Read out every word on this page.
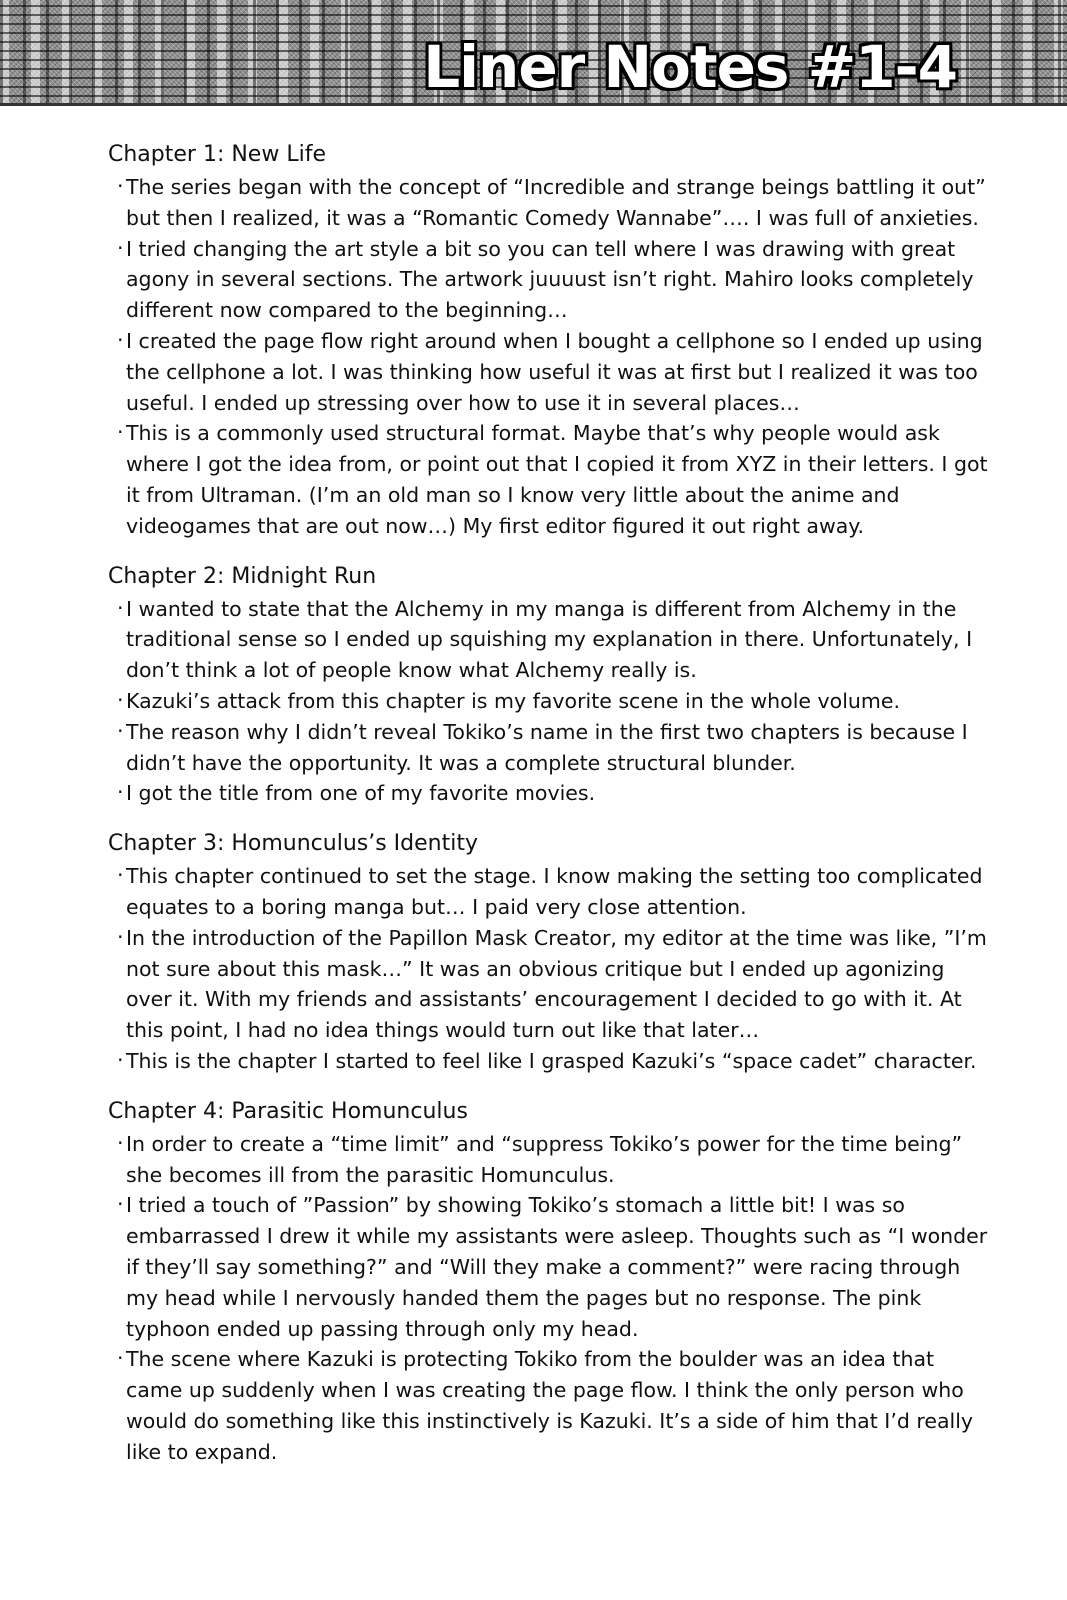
Liner Notes #1-4
Chapter 1: New Life
· The series began with the concept of “Incredible and strange beings battling it out” but then I realized, it was a “Romantic Comedy Wannabe”…. I was full of anxieties.
· I tried changing the art style a bit so you can tell where I was drawing with great agony in several sections. The artwork juuuust isn’t right. Mahiro looks completely different now compared to the beginning…
· I created the page flow right around when I bought a cellphone so I ended up using the cellphone a lot. I was thinking how useful it was at first but I realized it was too useful. I ended up stressing over how to use it in several places…
· This is a commonly used structural format. Maybe that’s why people would ask where I got the idea from, or point out that I copied it from XYZ in their letters. I got it from Ultraman. (I’m an old man so I know very little about the anime and videogames that are out now…) My first editor figured it out right away.
Chapter 2: Midnight Run
· I wanted to state that the Alchemy in my manga is different from Alchemy in the traditional sense so I ended up squishing my explanation in there. Unfortunately, I don’t think a lot of people know what Alchemy really is.
· Kazuki’s attack from this chapter is my favorite scene in the whole volume.
· The reason why I didn’t reveal Tokiko’s name in the first two chapters is because I didn’t have the opportunity. It was a complete structural blunder.
· I got the title from one of my favorite movies.
Chapter 3: Homunculus’s Identity
· This chapter continued to set the stage. I know making the setting too complicated equates to a boring manga but… I paid very close attention.
· In the introduction of the Papillon Mask Creator, my editor at the time was like, ”I’m not sure about this mask…” It was an obvious critique but I ended up agonizing over it. With my friends and assistants’ encouragement I decided to go with it. At this point, I had no idea things would turn out like that later…
· This is the chapter I started to feel like I grasped Kazuki’s “space cadet” character.
Chapter 4: Parasitic Homunculus
· In order to create a “time limit” and “suppress Tokiko’s power for the time being” she becomes ill from the parasitic Homunculus.
· I tried a touch of ”Passion” by showing Tokiko’s stomach a little bit! I was so embarrassed I drew it while my assistants were asleep. Thoughts such as “I wonder if they’ll say something?” and “Will they make a comment?” were racing through my head while I nervously handed them the pages but no response. The pink typhoon ended up passing through only my head.
· The scene where Kazuki is protecting Tokiko from the boulder was an idea that came up suddenly when I was creating the page flow. I think the only person who would do something like this instinctively is Kazuki. It’s a side of him that I’d really like to expand.
